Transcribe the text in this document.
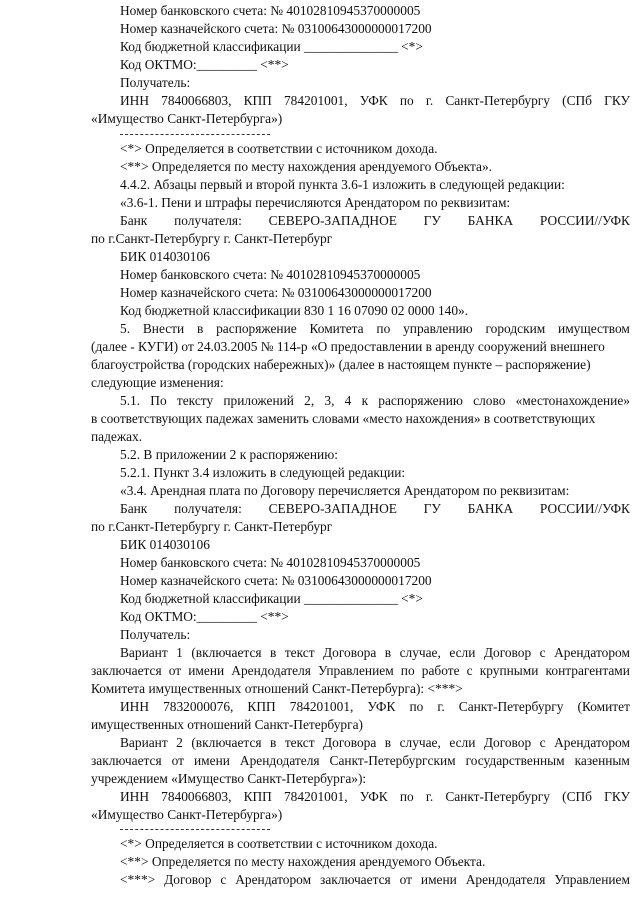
Номер банковского счета: № 40102810945370000005
Номер казначейского счета: № 03100643000000017200
Код бюджетной классификации ______________ <*>
Код ОКТМО:_________ <**>
Получатель:
ИНН 7840066803, КПП 784201001, УФК по г. Санкт-Петербургу (СПб ГКУ
«Имущество Санкт-Петербурга»)
<*> Определяется в соответствии с источником дохода.
<**> Определяется по месту нахождения арендуемого Объекта».
4.4.2. Абзацы первый и второй пункта 3.6-1 изложить в следующей редакции:
«3.6-1. Пени и штрафы перечисляются Арендатором по реквизитам:
Банк получателя: СЕВЕРО-ЗАПАДНОЕ ГУ БАНКА РОССИИ//УФК
по г.Санкт-Петербургу г. Санкт-Петербург
БИК 014030106
Номер банковского счета: № 40102810945370000005
Номер казначейского счета: № 03100643000000017200
Код бюджетной классификации 830 1 16 07090 02 0000 140».
5. Внести в распоряжение Комитета по управлению городским имуществом
(далее - КУГИ) от 24.03.2005 № 114-р «О предоставлении в аренду сооружений внешнего
благоустройства (городских набережных)» (далее в настоящем пункте – распоряжение)
следующие изменения:
5.1. По тексту приложений 2, 3, 4 к распоряжению слово «местонахождение»
в соответствующих падежах заменить словами «место нахождения» в соответствующих
падежах.
5.2. В приложении 2 к распоряжению:
5.2.1. Пункт 3.4 изложить в следующей редакции:
«3.4. Арендная плата по Договору перечисляется Арендатором по реквизитам:
Банк получателя: СЕВЕРО-ЗАПАДНОЕ ГУ БАНКА РОССИИ//УФК
по г.Санкт-Петербургу г. Санкт-Петербург
БИК 014030106
Номер банковского счета: № 40102810945370000005
Номер казначейского счета: № 03100643000000017200
Код бюджетной классификации ______________ <*>
Код ОКТМО:_________ <**>
Получатель:
Вариант 1 (включается в текст Договора в случае, если Договор с Арендатором
заключается от имени Арендодателя Управлением по работе с крупными контрагентами
Комитета имущественных отношений Санкт-Петербурга): <***>
ИНН 7832000076, КПП 784201001, УФК по г. Санкт-Петербургу (Комитет
имущественных отношений Санкт-Петербурга)
Вариант 2 (включается в текст Договора в случае, если Договор с Арендатором
заключается от имени Арендодателя Санкт-Петербургским государственным казенным
учреждением «Имущество Санкт-Петербурга»):
ИНН 7840066803, КПП 784201001, УФК по г. Санкт-Петербургу (СПб ГКУ
«Имущество Санкт-Петербурга»)
<*> Определяется в соответствии с источником дохода.
<**> Определяется по месту нахождения арендуемого Объекта.
<***> Договор с Арендатором заключается от имени Арендодателя Управлением
